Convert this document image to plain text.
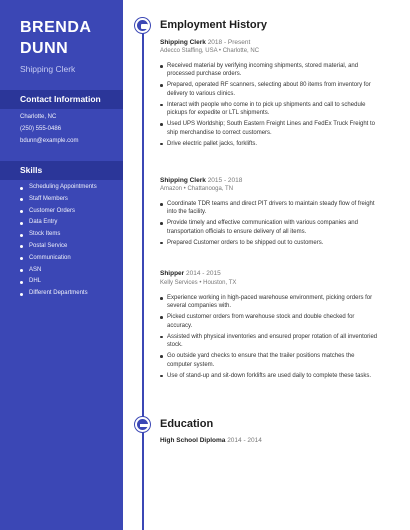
BRENDA
DUNN
Shipping Clerk
Contact Information
Charlotte, NC
(250) 555-0486
bdunn@example.com
Skills
Scheduling Appointments
Staff Members
Customer Orders
Data Entry
Stock Items
Postal Service
Communication
ASN
DHL
Different Departments
Employment History
Shipping Clerk 2018 - Present
Adecco Staffing, USA • Charlotte, NC
Received material by verifying incoming shipments, stored material, and processed purchase orders.
Prepared, operated RF scanners, selecting about 80 items from inventory for delivery to various clinics.
Interact with people who come in to pick up shipments and call to schedule pickups for expedite or LTL shipments.
Used UPS Worldship; South Eastern Freight Lines and FedEx Truck Freight to ship merchandise to correct customers.
Drive electric pallet jacks, forklifts.
Shipping Clerk 2015 - 2018
Amazon • Chattanooga, TN
Coordinate TDR teams and direct PIT drivers to maintain steady flow of freight into the facility.
Provide timely and effective communication with various companies and transportation officials to ensure delivery of all items.
Prepared Customer orders to be shipped out to customers.
Shipper 2014 - 2015
Kelly Services • Houston, TX
Experience working in high-paced warehouse environment, picking orders for several companies with.
Picked customer orders from warehouse stock and double checked for accuracy.
Assisted with physical inventories and ensured proper rotation of all inventoried stock.
Go outside yard checks to ensure that the trailer positions matches the computer system.
Use of stand-up and sit-down forklifts are used daily to complete these tasks.
Education
High School Diploma 2014 - 2014
